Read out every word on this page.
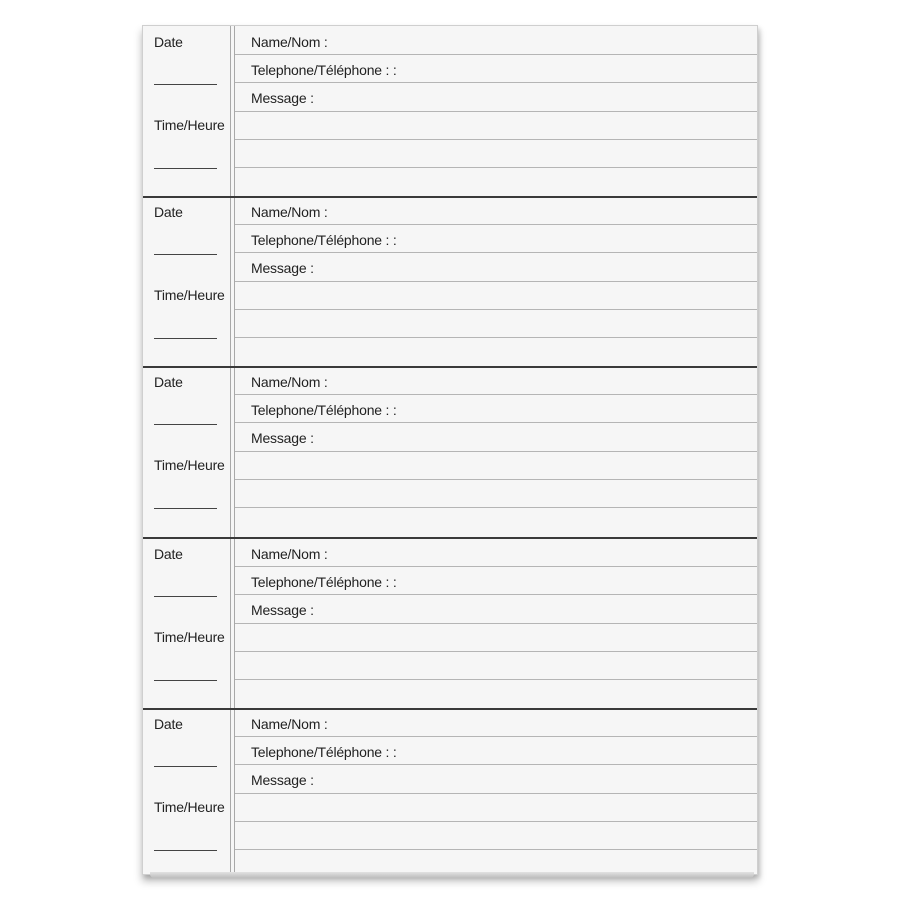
Date
Time/Heure
Name/Nom :
Telephone/Téléphone : :
Message :
Date
Time/Heure
Name/Nom :
Telephone/Téléphone : :
Message :
Date
Time/Heure
Name/Nom :
Telephone/Téléphone : :
Message :
Date
Time/Heure
Name/Nom :
Telephone/Téléphone : :
Message :
Date
Time/Heure
Name/Nom :
Telephone/Téléphone : :
Message :
